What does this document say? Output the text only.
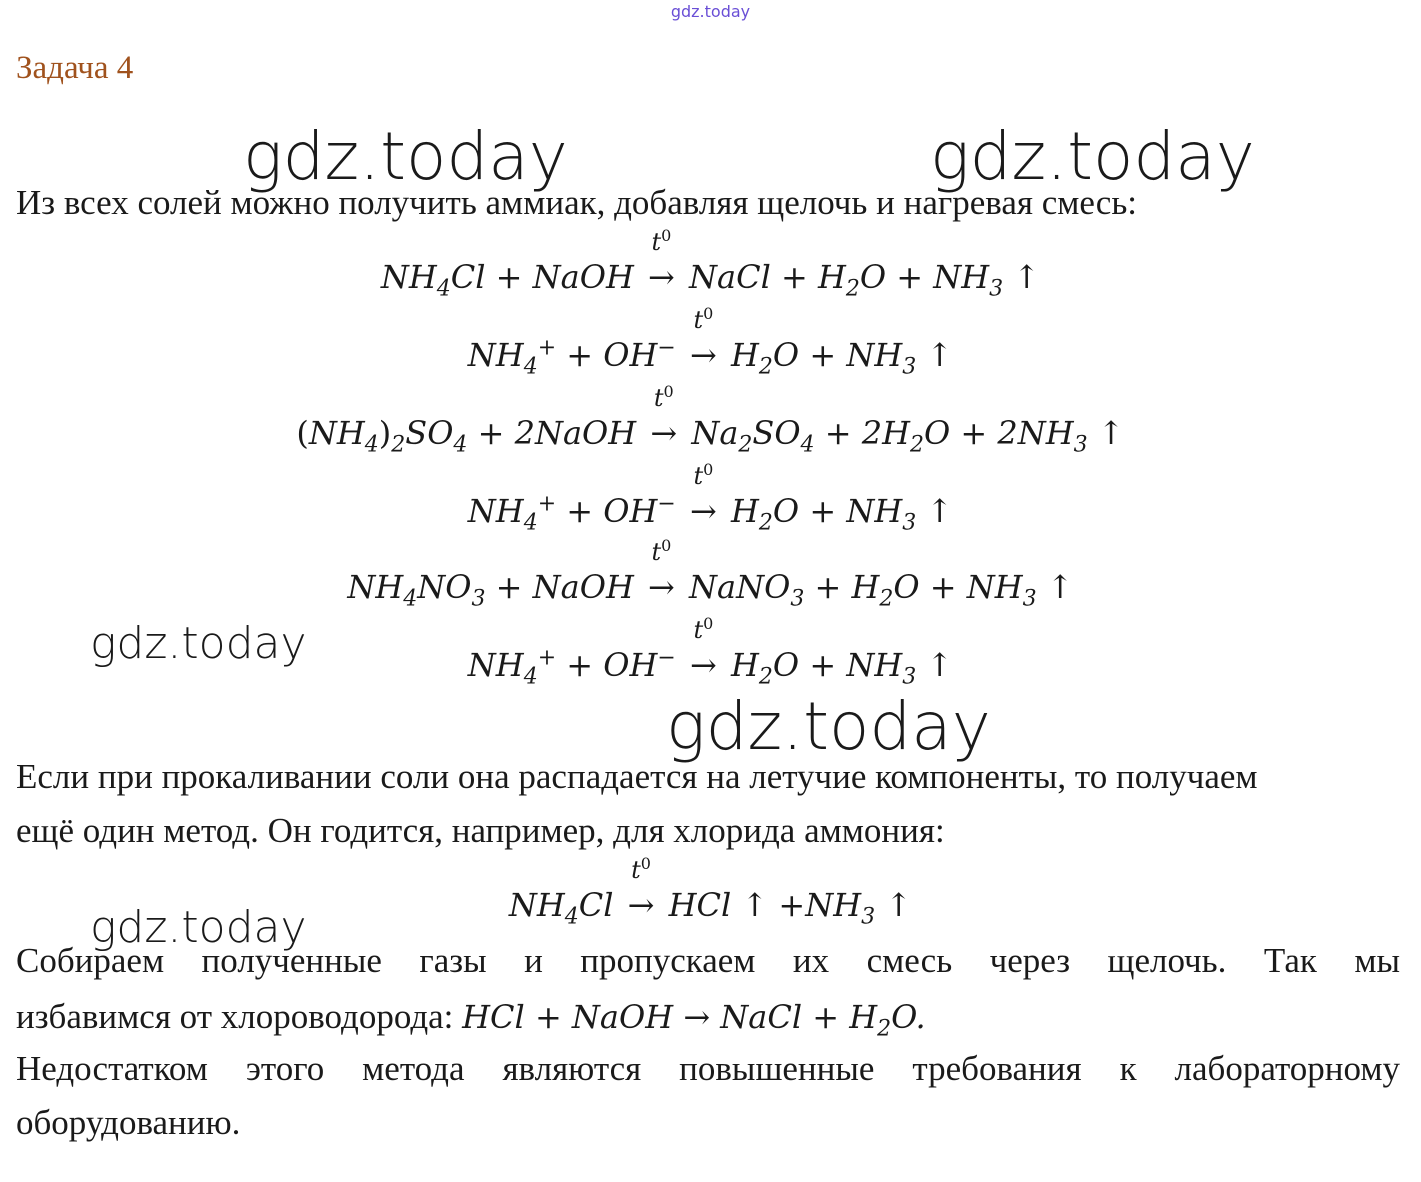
gdz.today
Задача 4
gdz.today	gdz.today
gdz.today
gdz.today
gdz.today
Из всех солей можно получить аммиак, добавляя щелочь и нагревая смесь:
$NH_4Cl$ + NaOH
$t^0$
→ NaCl + $H_2O + NH_3$ ↑
$NH_4^+ + OH^-$
$t^0$
→ $H_2O + NH_3$ ↑
$(NH_4)_2SO_4$ + 2NaOH
$t^0$
→ $Na_2SO_4 + 2H_2O + 2NH_3$ ↑
$NH_4^+ + OH^-$
$t^0$
→ $H_2O + NH_3$ ↑
$NH_4NO_3$ + NaOH
$t^0$
→ NaNO$_3$ + $H_2O + NH_3$ ↑
$NH_4^+ + OH^-$
$t^0$
→ $H_2O + NH_3$ ↑
Если при прокаливании соли она распадается на летучие компоненты, то получаем
ещё один метод. Он годится, например, для хлорида аммония:
$NH_4Cl$
$t^0$
→ HCl ↑ $+NH_3$ ↑
Собираем полученные газы и пропускаем их смесь через щелочь. Так мы
избавимся от хлороводорода: HCl + NaOH → NaCl + $H_2O$.
Недостатком этого метода являются повышенные требования к лабораторному
оборудованию.
